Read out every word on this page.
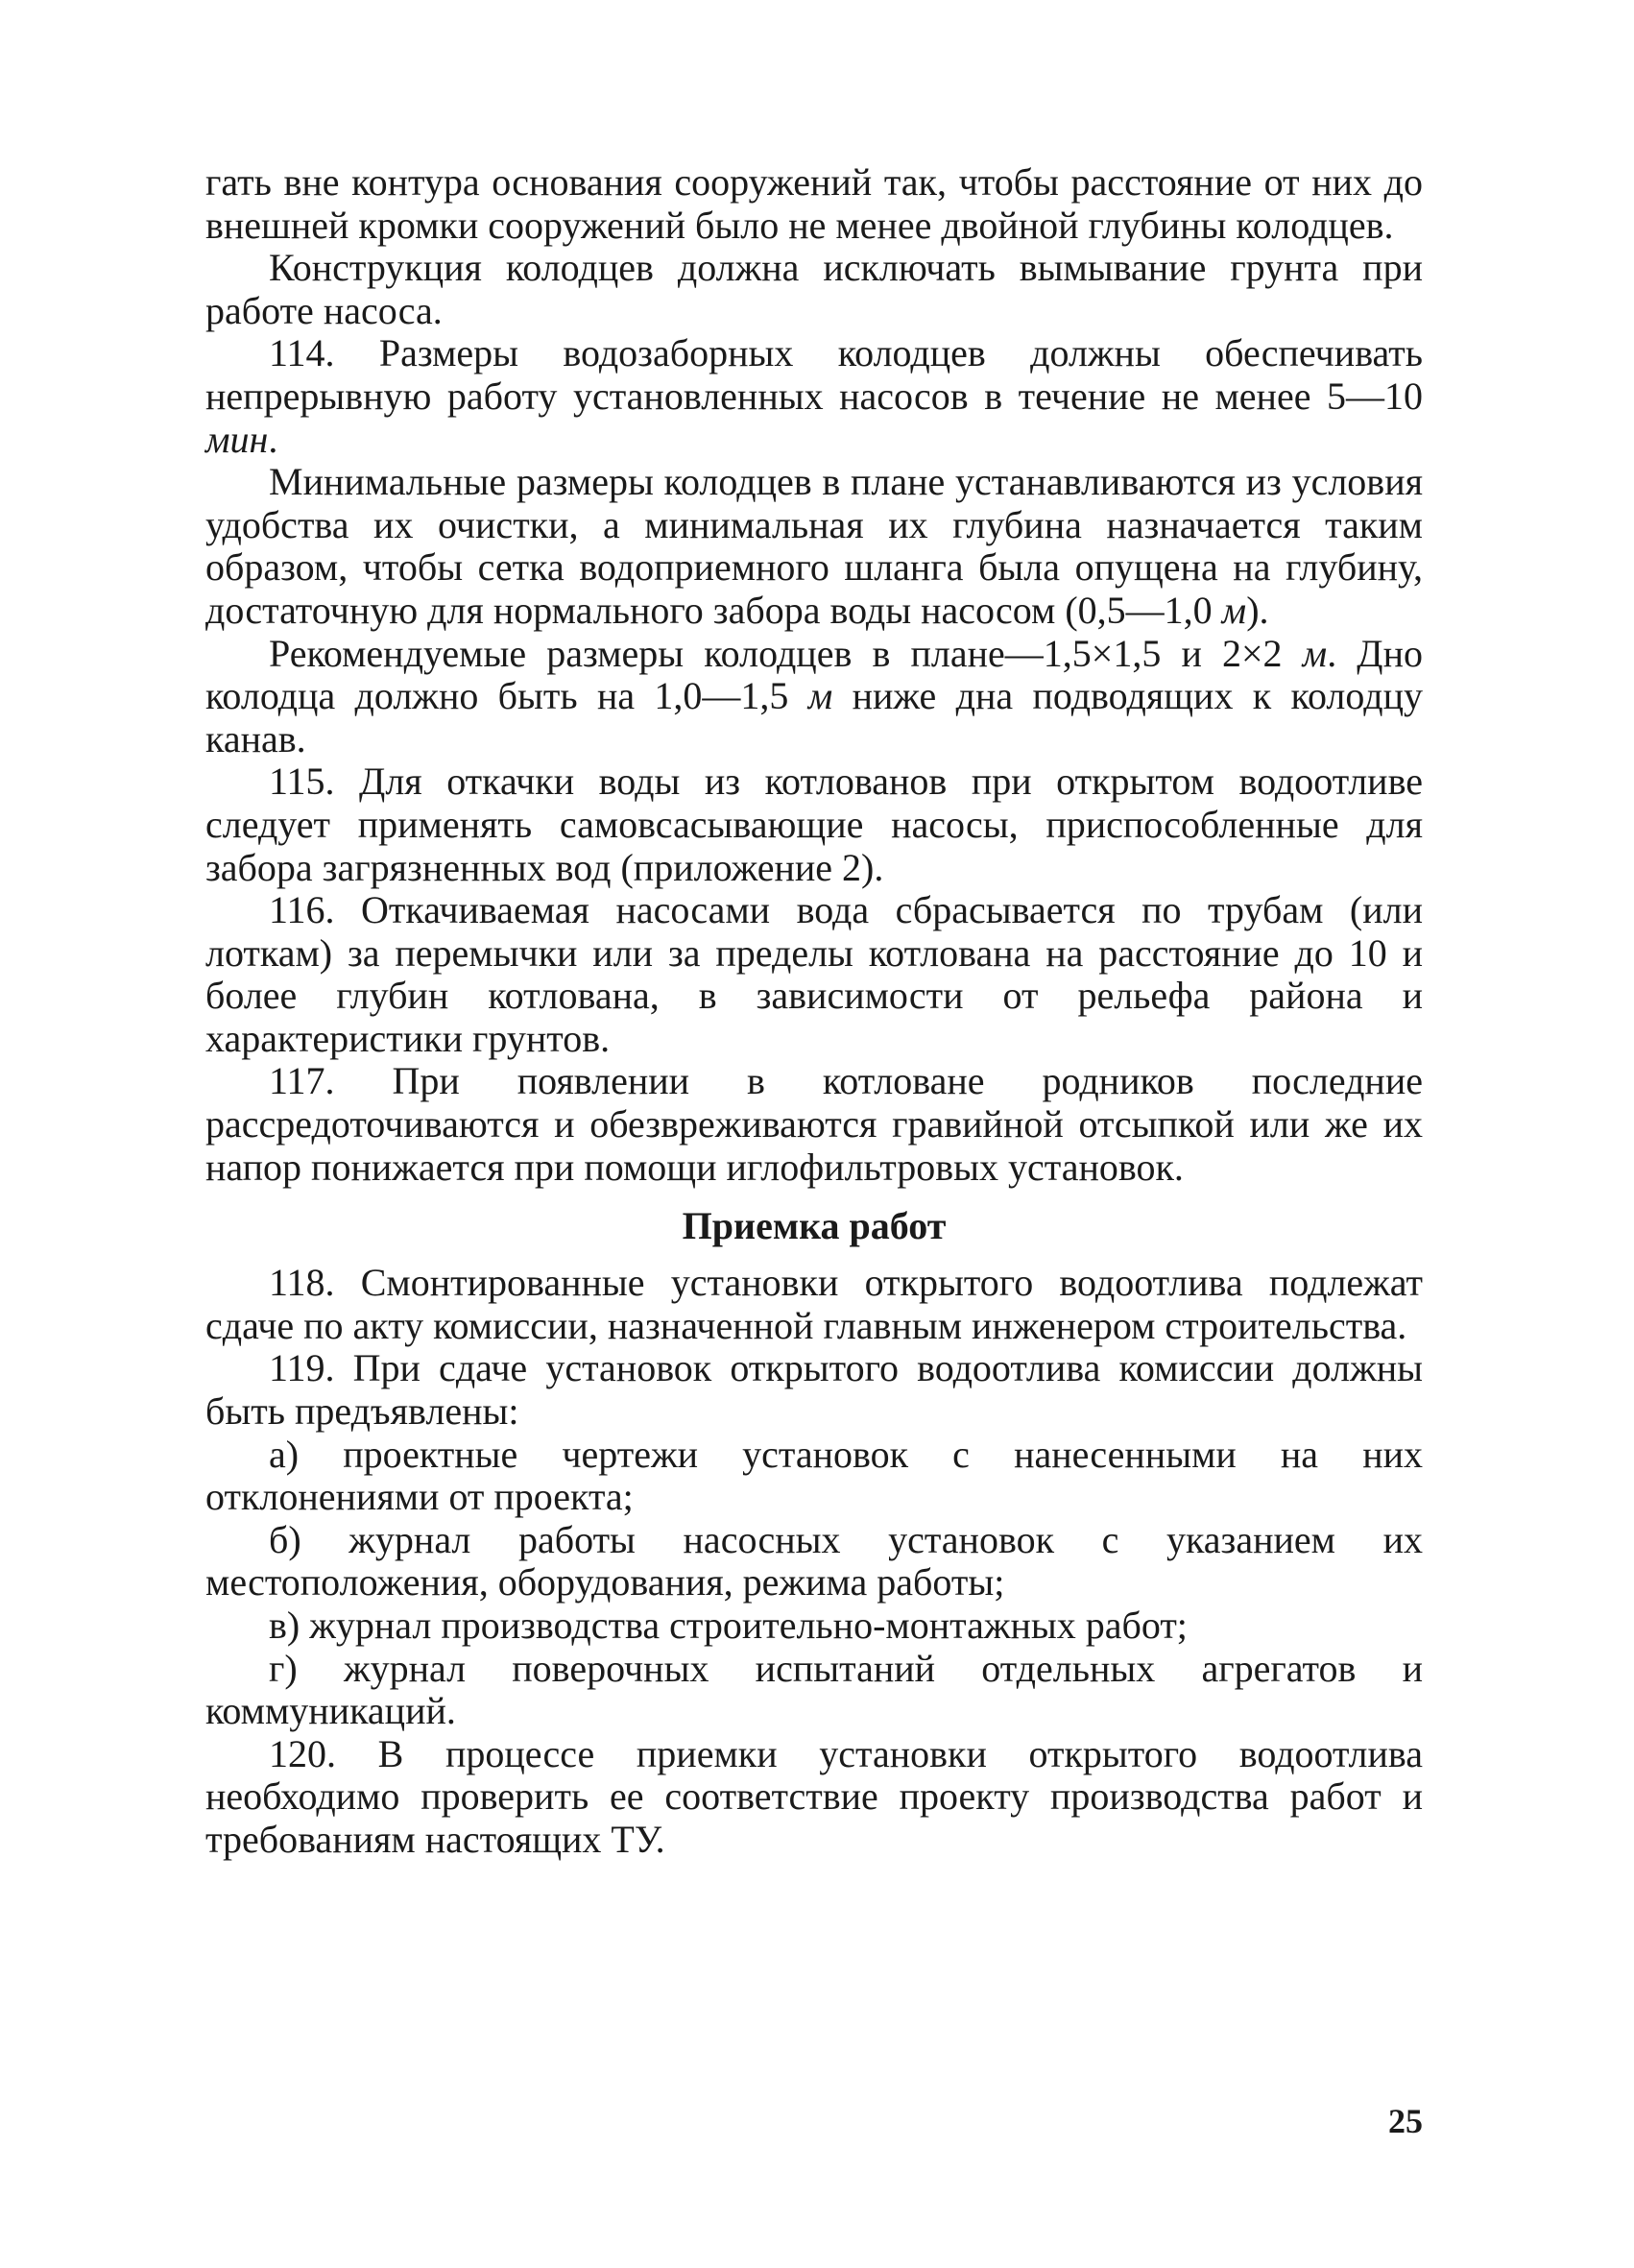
гать вне контура основания сооружений так, чтобы расстояние от них до внешней кромки сооружений было не менее двойной глубины колодцев.

Конструкция колодцев должна исключать вымывание грунта при работе насоса.

114. Размеры водозаборных колодцев должны обеспечивать непрерывную работу установленных насосов в течение не менее 5—10 мин.

Минимальные размеры колодцев в плане устанавливаются из условия удобства их очистки, а минимальная их глубина назначается таким образом, чтобы сетка водоприемного шланга была опущена на глубину, достаточную для нормального забора воды насосом (0,5—1,0 м).

Рекомендуемые размеры колодцев в плане—1,5×1,5 и 2×2 м. Дно колодца должно быть на 1,0—1,5 м ниже дна подводящих к колодцу канав.

115. Для откачки воды из котлованов при открытом водоотливе следует применять самовсасывающие насосы, приспособленные для забора загрязненных вод (приложение 2).

116. Откачиваемая насосами вода сбрасывается по трубам (или лоткам) за перемычки или за пределы котлована на расстояние до 10 и более глубин котлована, в зависимости от рельефа района и характеристики грунтов.

117. При появлении в котловане родников последние рассредоточиваются и обезвреживаются гравийной отсыпкой или же их напор понижается при помощи иглофильтровых установок.

Приемка работ

118. Смонтированные установки открытого водоотлива подлежат сдаче по акту комиссии, назначенной главным инженером строительства.

119. При сдаче установок открытого водоотлива комиссии должны быть предъявлены:

а) проектные чертежи установок с нанесенными на них отклонениями от проекта;

б) журнал работы насосных установок с указанием их местоположения, оборудования, режима работы;

в) журнал производства строительно-монтажных работ;

г) журнал поверочных испытаний отдельных агрегатов и коммуникаций.

120. В процессе приемки установки открытого водоотлива необходимо проверить ее соответствие проекту производства работ и требованиям настоящих ТУ.

25
